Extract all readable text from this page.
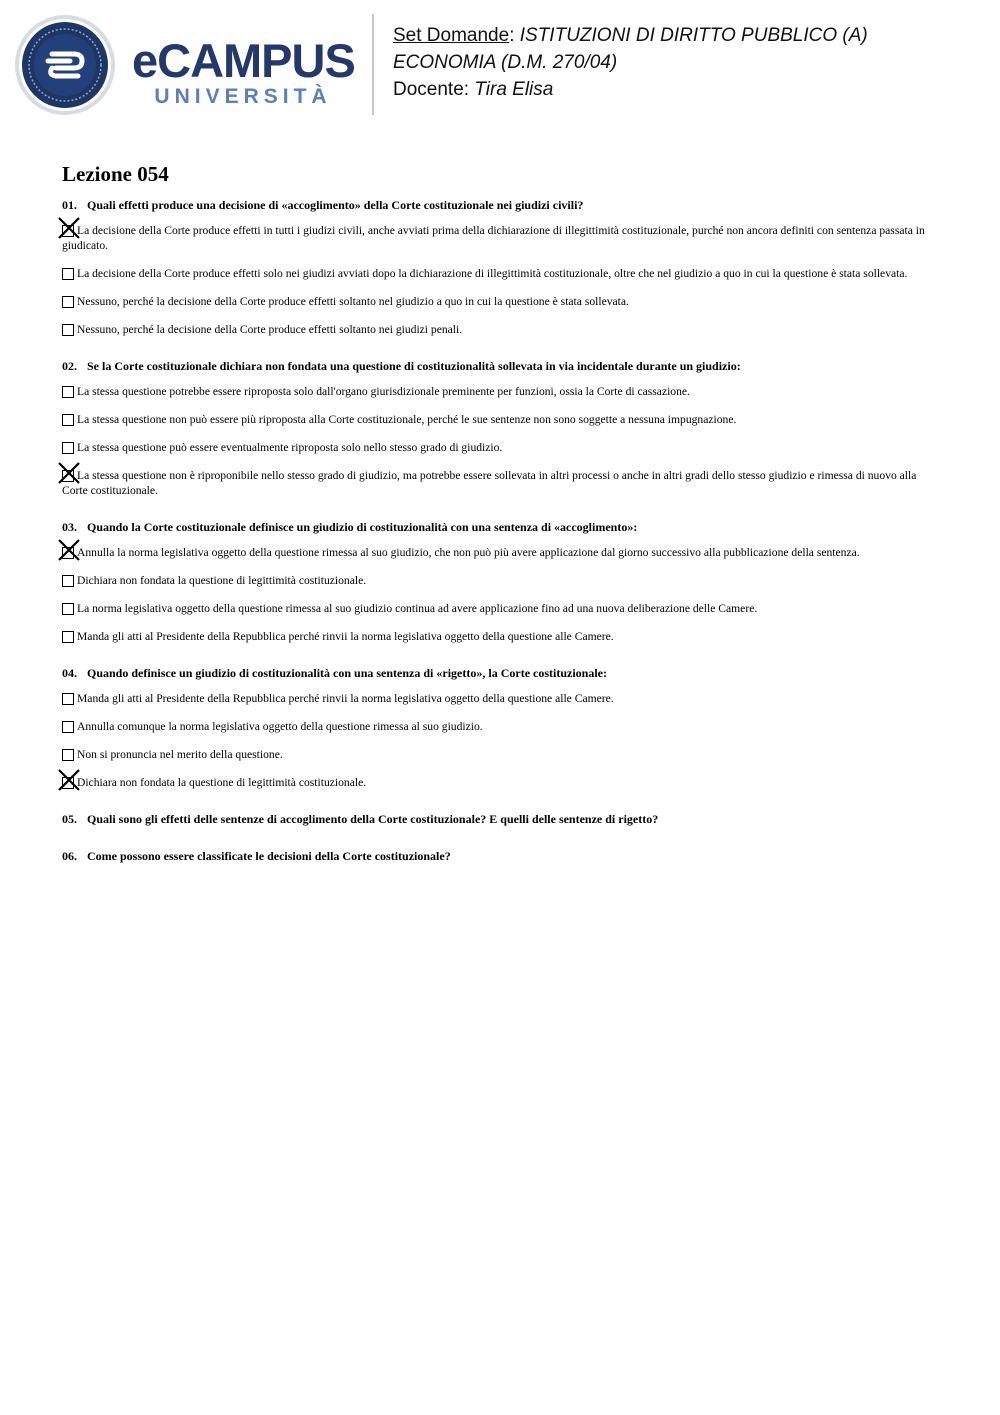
eCAMPUS
UNIVERSITÀ
Set Domande: ISTITUZIONI DI DIRITTO PUBBLICO (A)
ECONOMIA (D.M. 270/04)
Docente: Tira Elisa
Lezione 054
01. Quali effetti produce una decisione di «accoglimento» della Corte costituzionale nei giudizi civili?
La decisione della Corte produce effetti in tutti i giudizi civili, anche avviati prima della dichiarazione di illegittimità costituzionale, purché non ancora definiti con sentenza passata in giudicato.
La decisione della Corte produce effetti solo nei giudizi avviati dopo la dichiarazione di illegittimità costituzionale, oltre che nel giudizio a quo in cui la questione è stata sollevata.
Nessuno, perché la decisione della Corte produce effetti soltanto nel giudizio a quo in cui la questione è stata sollevata.
Nessuno, perché la decisione della Corte produce effetti soltanto nei giudizi penali.
02. Se la Corte costituzionale dichiara non fondata una questione di costituzionalità sollevata in via incidentale durante un giudizio:
La stessa questione potrebbe essere riproposta solo dall'organo giurisdizionale preminente per funzioni, ossia la Corte di cassazione.
La stessa questione non può essere più riproposta alla Corte costituzionale, perché le sue sentenze non sono soggette a nessuna impugnazione.
La stessa questione può essere eventualmente riproposta solo nello stesso grado di giudizio.
La stessa questione non è riproponibile nello stesso grado di giudizio, ma potrebbe essere sollevata in altri processi o anche in altri gradi dello stesso giudizio e rimessa di nuovo alla Corte costituzionale.
03. Quando la Corte costituzionale definisce un giudizio di costituzionalità con una sentenza di «accoglimento»:
Annulla la norma legislativa oggetto della questione rimessa al suo giudizio, che non può più avere applicazione dal giorno successivo alla pubblicazione della sentenza.
Dichiara non fondata la questione di legittimità costituzionale.
La norma legislativa oggetto della questione rimessa al suo giudizio continua ad avere applicazione fino ad una nuova deliberazione delle Camere.
Manda gli atti al Presidente della Repubblica perché rinvii la norma legislativa oggetto della questione alle Camere.
04. Quando definisce un giudizio di costituzionalità con una sentenza di «rigetto», la Corte costituzionale:
Manda gli atti al Presidente della Repubblica perché rinvii la norma legislativa oggetto della questione alle Camere.
Annulla comunque la norma legislativa oggetto della questione rimessa al suo giudizio.
Non si pronuncia nel merito della questione.
Dichiara non fondata la questione di legittimità costituzionale.
05. Quali sono gli effetti delle sentenze di accoglimento della Corte costituzionale? E quelli delle sentenze di rigetto?
06. Come possono essere classificate le decisioni della Corte costituzionale?
